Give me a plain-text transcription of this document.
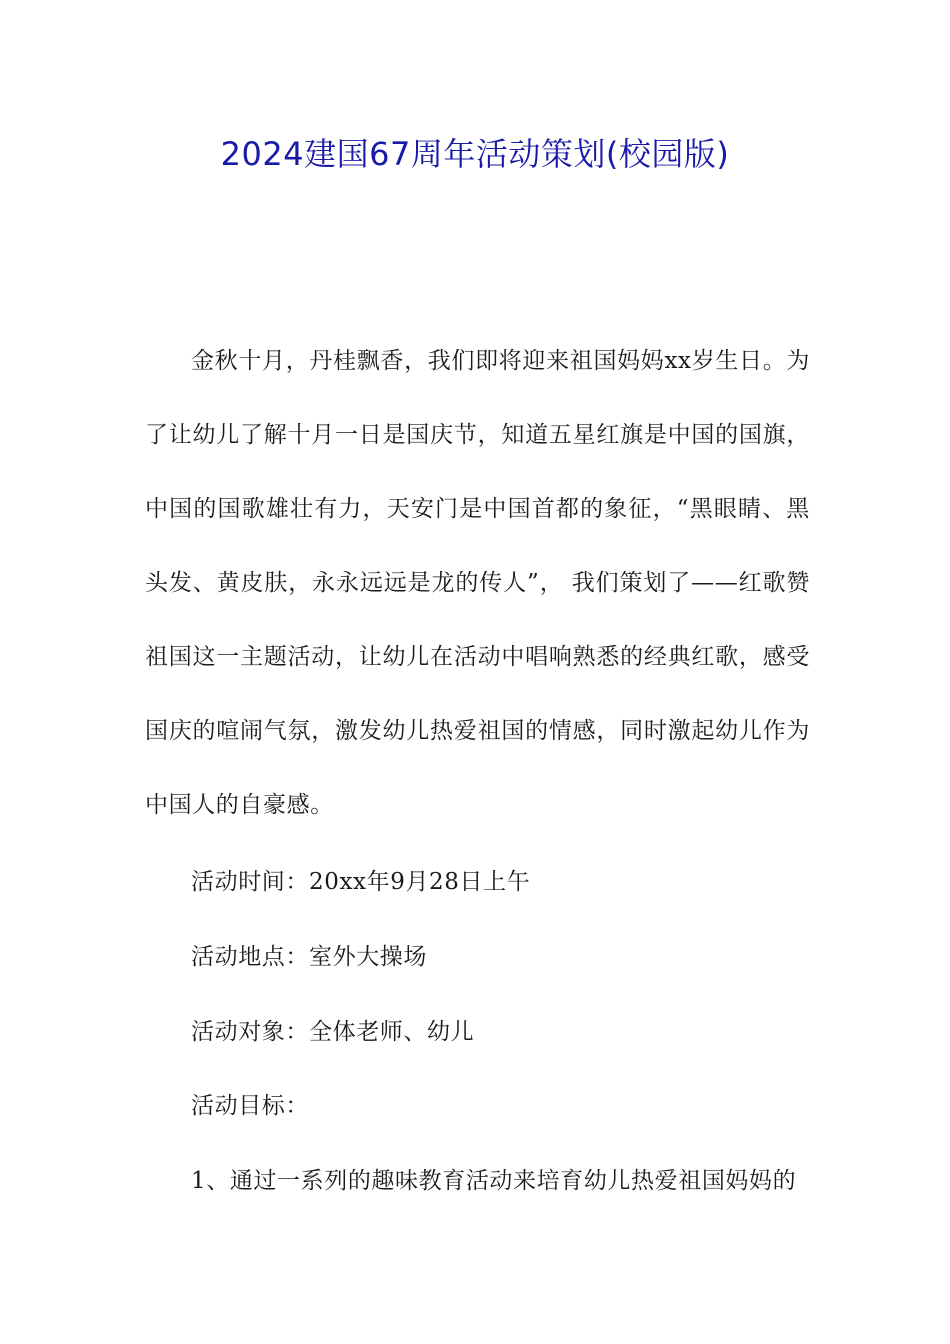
2024建国67周年活动策划(校园版)

金秋十月，丹桂飘香，我们即将迎来祖国妈妈xx岁生日。为了让幼儿了解十月一日是国庆节，知道五星红旗是中国的国旗，中国的国歌雄壮有力，天安门是中国首都的象征，“黑眼睛、黑头发、黄皮肤，永永远远是龙的传人”， 我们策划了——红歌赞祖国这一主题活动，让幼儿在活动中唱响熟悉的经典红歌，感受国庆的喧闹气氛，激发幼儿热爱祖国的情感，同时激起幼儿作为中国人的自豪感。

活动时间：20xx年9月28日上午

活动地点：室外大操场

活动对象：全体老师、幼儿

活动目标：

1、通过一系列的趣味教育活动来培育幼儿热爱祖国妈妈的
